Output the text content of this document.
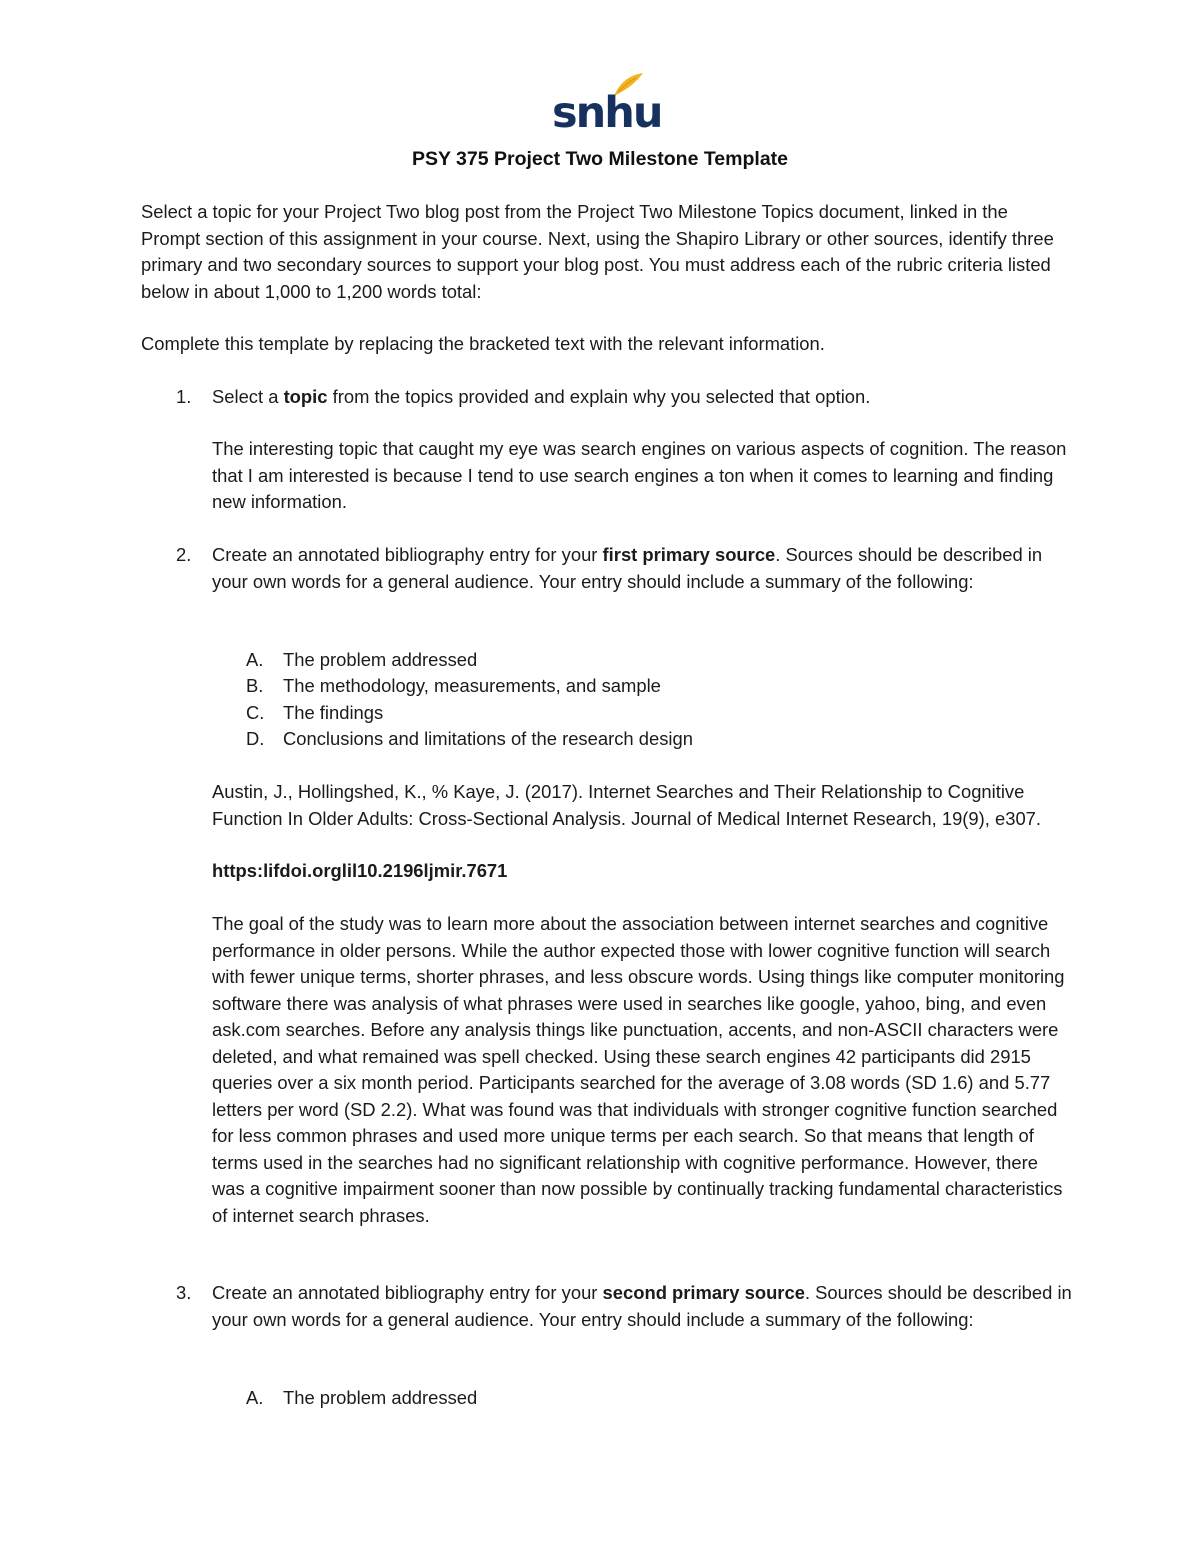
snhu
PSY 375 Project Two Milestone Template

Select a topic for your Project Two blog post from the Project Two Milestone Topics document, linked in the Prompt section of this assignment in your course. Next, using the Shapiro Library or other sources, identify three primary and two secondary sources to support your blog post. You must address each of the rubric criteria listed below in about 1,000 to 1,200 words total:

Complete this template by replacing the bracketed text with the relevant information.

1. Select a topic from the topics provided and explain why you selected that option.

The interesting topic that caught my eye was search engines on various aspects of cognition. The reason that I am interested is because I tend to use search engines a ton when it comes to learning and finding new information.

2. Create an annotated bibliography entry for your first primary source. Sources should be described in your own words for a general audience. Your entry should include a summary of the following:

A. The problem addressed
B. The methodology, measurements, and sample
C. The findings
D. Conclusions and limitations of the research design

Austin, J., Hollingshed, K., % Kaye, J. (2017). Internet Searches and Their Relationship to Cognitive Function In Older Adults: Cross-Sectional Analysis. Journal of Medical Internet Research, 19(9), e307.

https:lifdoi.orglil10.2196ljmir.7671

The goal of the study was to learn more about the association between internet searches and cognitive performance in older persons. While the author expected those with lower cognitive function will search with fewer unique terms, shorter phrases, and less obscure words. Using things like computer monitoring software there was analysis of what phrases were used in searches like google, yahoo, bing, and even ask.com searches. Before any analysis things like punctuation, accents, and non-ASCII characters were deleted, and what remained was spell checked. Using these search engines 42 participants did 2915 queries over a six month period. Participants searched for the average of 3.08 words (SD 1.6) and 5.77 letters per word (SD 2.2). What was found was that individuals with stronger cognitive function searched for less common phrases and used more unique terms per each search. So that means that length of terms used in the searches had no significant relationship with cognitive performance. However, there was a cognitive impairment sooner than now possible by continually tracking fundamental characteristics of internet search phrases.

3. Create an annotated bibliography entry for your second primary source. Sources should be described in your own words for a general audience. Your entry should include a summary of the following:

A. The problem addressed
